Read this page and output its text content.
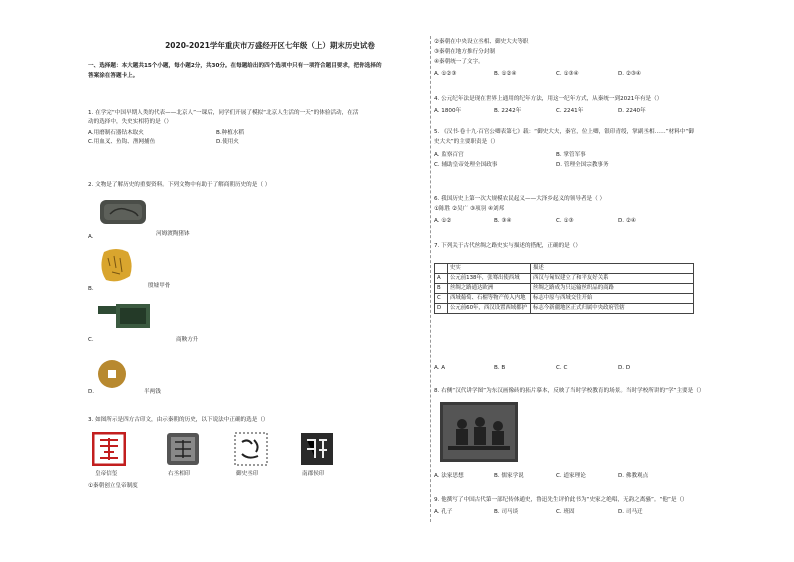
2020-2021学年重庆市万盛经开区七年级（上）期末历史试卷
一、选择题：本大题共15个小题，每小题2分，共30分。在每题给出的四个选项中只有一项符合题目要求，把你选择的
答案涂在答题卡上。
1. 在学完“中国早期人类的代表——北京人”一课后，同学们开展了模拟“北京人生活的一天”的体验活动，在活
动的选择中，失史实相符的是（）
A.用磨制石器钻木取火	B.种植水稻
C.用血叉、鱼钩、渔网捕鱼	D.使用火
2. 文物是了解历史的重要资料。下列文物中有助于了解商朝历史的是（ ）
A.	河姆渡陶猪钵
B.	殷墟甲骨
C.	商鞅方升
D.	半两钱
3. 如图所示是四方古印文，由示秦朝的历史，以下说法中正确的选是（）
皇帝信玺	右丞相印	御史丞印	南郡侯印
①秦朝创立皇帝制度
②秦朝在中央设立丞相、御史大夫等职
③秦朝在地方推行分封制
④秦朝统一了文字。
A. ①②③	B. ①②④	C. ①③④	D. ②③④
4. 公元纪年法是现在世界上通用的纪年方法，用这一纪年方式，从秦统一到2021年有是（）
A. 1800年	B. 2242年	C. 2241年	D. 2240年
5. 《汉书·卷十九·百官公卿表第七》载：“御史大夫，秦官，位上卿，银印青绶，掌副丞相……”材料中“御
史大夫”的主要职责是（）
A. 监察百官	B. 掌管军事
C. 辅助皇帝处理全国政事	D. 管理全国宗教事务
6. 我国历史上第一次大规模农民起义——大泽乡起义的领导者是（ ）
①陈胜 ②吴广 ③项羽 ④刘邦
A. ①②	B. ③④	C. ①③	D. ②④
7. 下列关于古代丝绸之路史实与描述的搭配，正确的是（）
	史实	描述
A	公元前138年，张骞出使西域	西汉与匈奴建立了和平友好关系
B	丝绸之路通达欧洲	丝绸之路成为只运输丝织品的商路
C	西域葡萄、石榴等物产传入内地	标志中原与西域交往开始
D	公元前60年，西汉设置西域都护	标志今新疆地区正式归属中央政府管辖
A. A	B. B	C. C	D. D
8. 右侧“汉代讲学图”为东汉画像砖的拓片摹本，反映了当时学校教育的场景。当时学校所讲的“学”主要是（）
A. 法家思想	B. 儒家学说	C. 道家理论	D. 佛教观点
9. 他撰写了中国古代第一部纪传体通史，鲁迅先生评价此书为“史家之绝唱，无韵之离骚”。“他”是（）
A. 孔子	B. 司马谈	C. 班固	D. 司马迁
